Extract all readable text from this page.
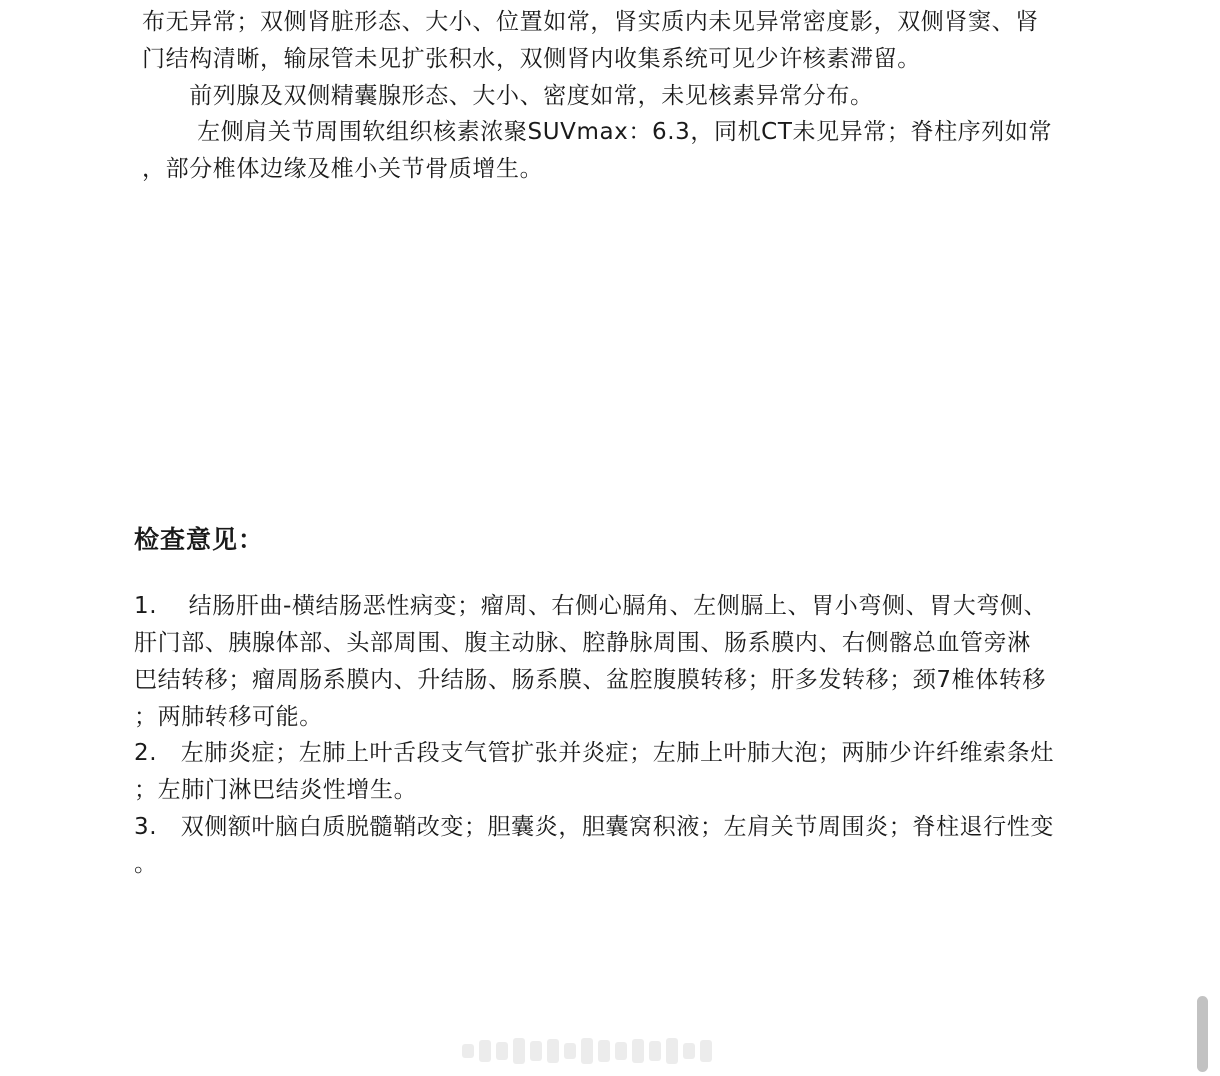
布无异常；双侧肾脏形态、大小、位置如常，肾实质内未见异常密度影，双侧肾窦、肾
门结构清晰，输尿管未见扩张积水，双侧肾内收集系统可见少许核素滞留。
　　前列腺及双侧精囊腺形态、大小、密度如常，未见核素异常分布。
　　 左侧肩关节周围软组织核素浓聚SUVmax：6.3，同机CT未见异常；脊柱序列如常
，部分椎体边缘及椎小关节骨质增生。
检查意见：
1.　 结肠肝曲-横结肠恶性病变；瘤周、右侧心膈角、左侧膈上、胃小弯侧、胃大弯侧、
肝门部、胰腺体部、头部周围、腹主动脉、腔静脉周围、肠系膜内、右侧髂总血管旁淋
巴结转移；瘤周肠系膜内、升结肠、肠系膜、盆腔腹膜转移；肝多发转移；颈7椎体转移
；两肺转移可能。
2.　左肺炎症；左肺上叶舌段支气管扩张并炎症；左肺上叶肺大泡；两肺少许纤维索条灶
；左肺门淋巴结炎性增生。
3.　双侧额叶脑白质脱髓鞘改变；胆囊炎，胆囊窝积液；左肩关节周围炎；脊柱退行性变
。
